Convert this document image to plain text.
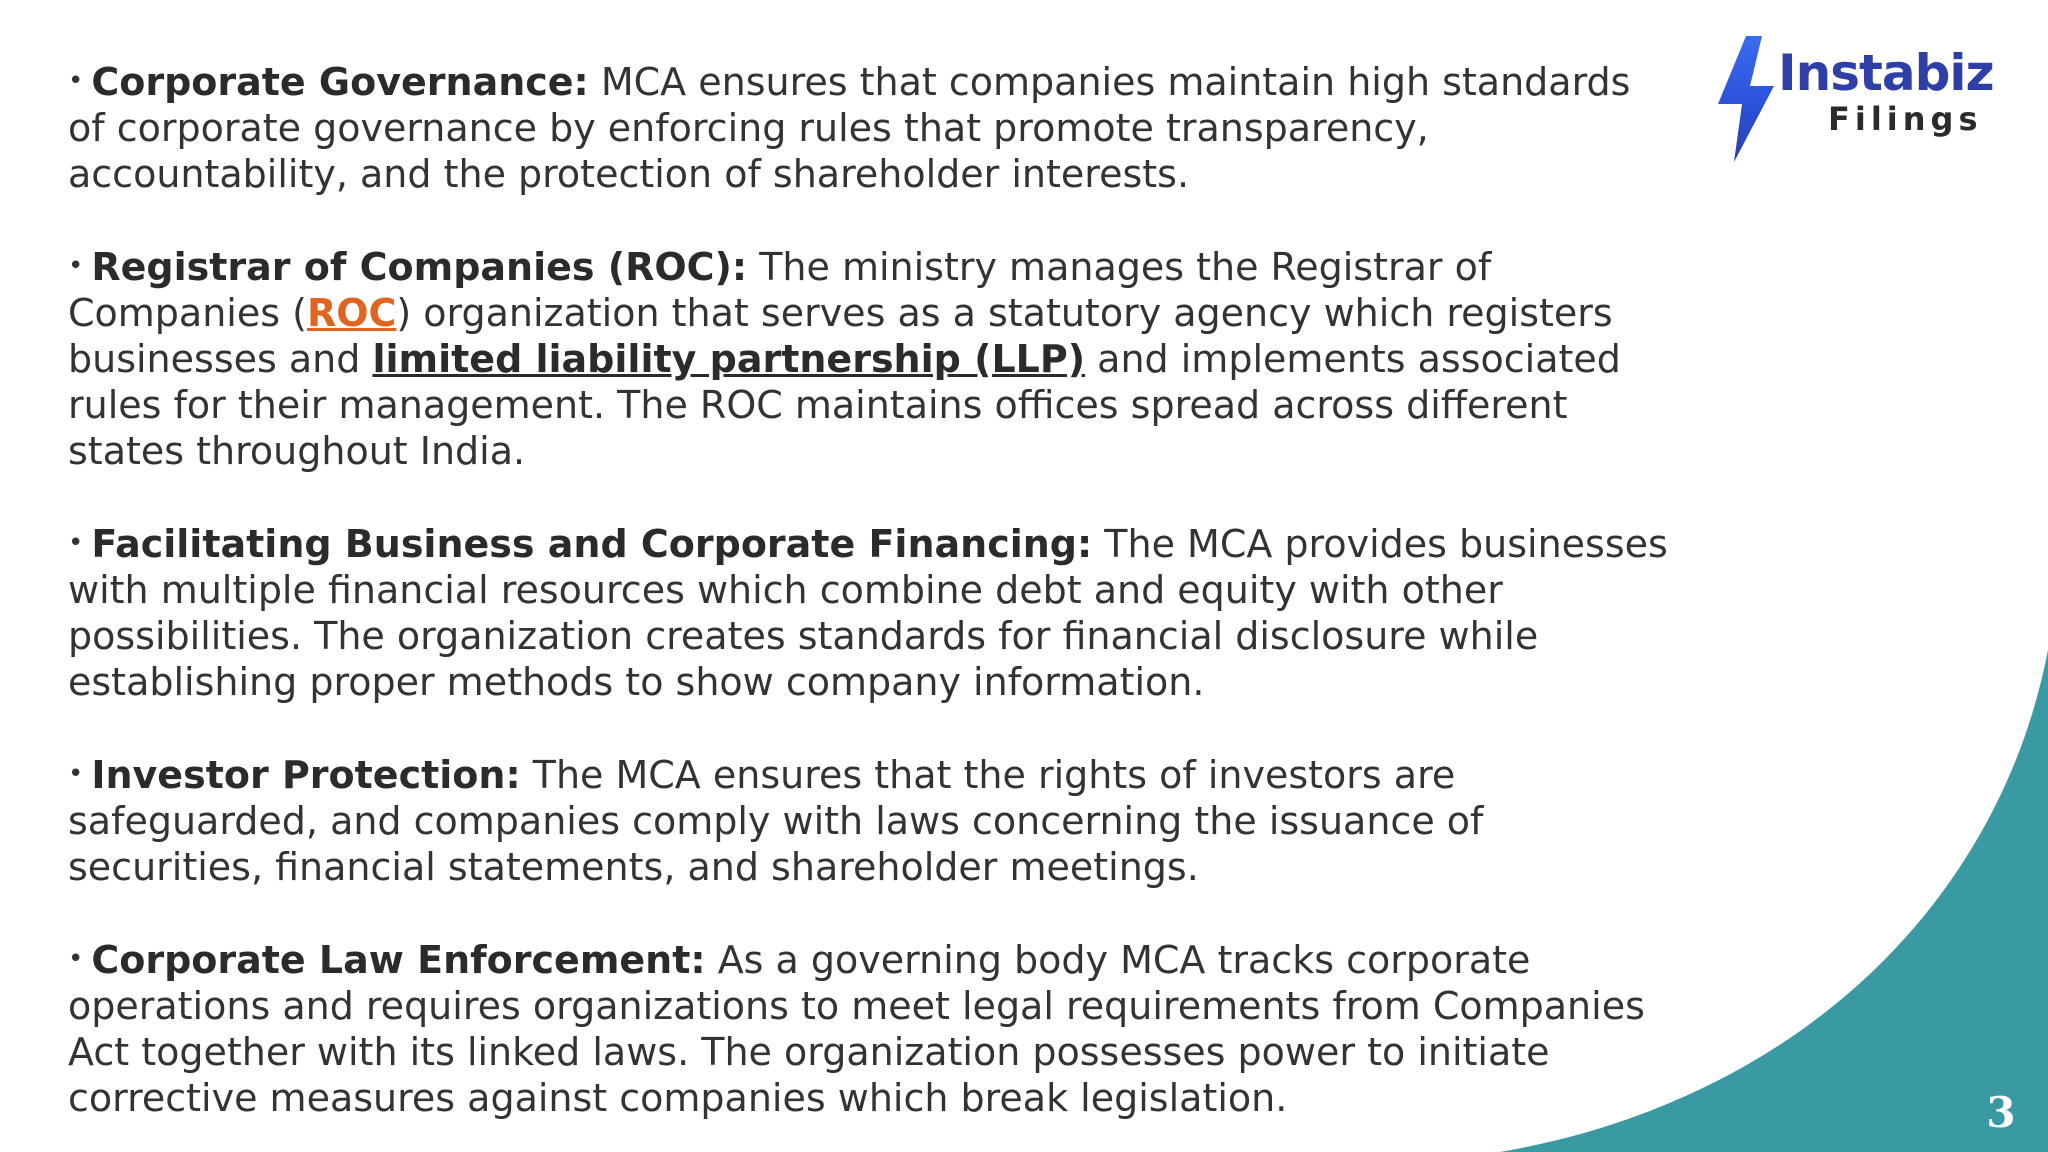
Instabiz
Filings

• Corporate Governance: MCA ensures that companies maintain high standards of corporate governance by enforcing rules that promote transparency, accountability, and the protection of shareholder interests.

• Registrar of Companies (ROC): The ministry manages the Registrar of Companies (ROC) organization that serves as a statutory agency which registers businesses and limited liability partnership (LLP) and implements associated rules for their management. The ROC maintains offices spread across different states throughout India.

• Facilitating Business and Corporate Financing: The MCA provides businesses with multiple financial resources which combine debt and equity with other possibilities. The organization creates standards for financial disclosure while establishing proper methods to show company information.

• Investor Protection: The MCA ensures that the rights of investors are safeguarded, and companies comply with laws concerning the issuance of securities, financial statements, and shareholder meetings.

• Corporate Law Enforcement: As a governing body MCA tracks corporate operations and requires organizations to meet legal requirements from Companies Act together with its linked laws. The organization possesses power to initiate corrective measures against companies which break legislation.	3
